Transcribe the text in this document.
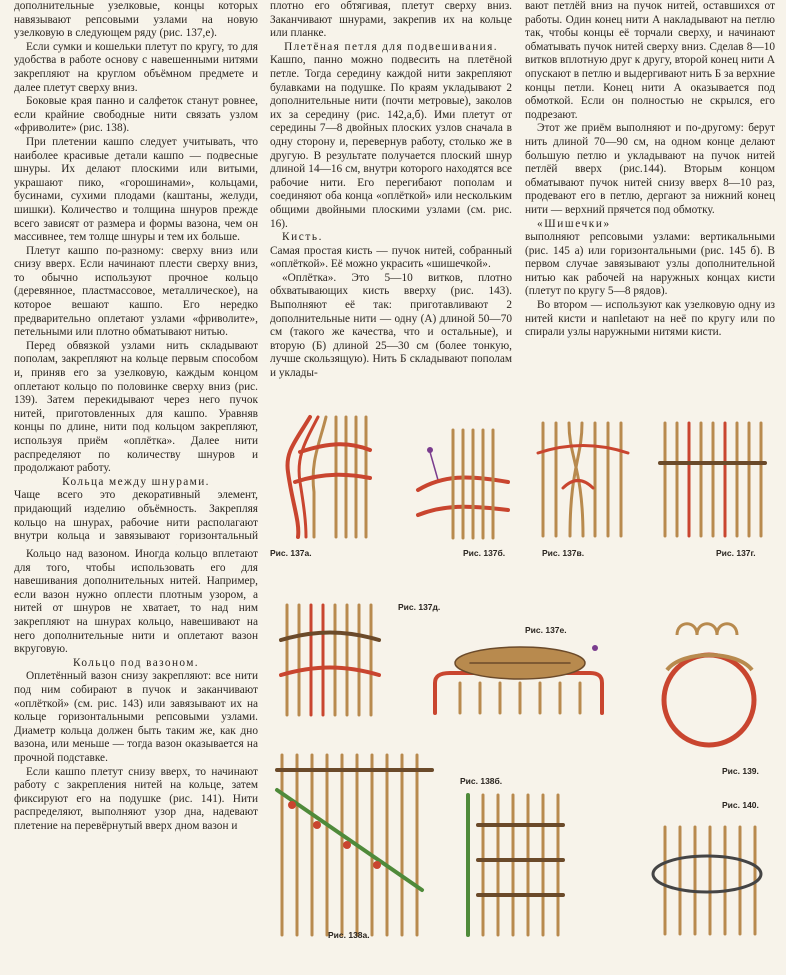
дополнительные узелковые, концы которых навязывают репсовыми узлами на новую узелковую в следующем ряду (рис. 137,е).

Если сумки и кошельки плетут по кругу, то для удобства в работе основу с навешенными нитями закрепляют на круглом объёмном предмете и далее плетут сверху вниз.

Боковые края панно и салфеток станут ровнее, если крайние свободные нити связать узлом «фриволите» (рис. 138).

При плетении кашпо следует учитывать, что наиболее красивые детали кашпо — подвесные шнуры. Их делают плоскими или витыми, украшают пико, «горошинами», кольцами, бусинами, сухими плодами (каштаны, желуди, шишки). Количество и толщина шнуров прежде всего зависят от размера и формы вазона, чем он массивнее, тем толще шнуры и тем их больше.

Плетут кашпо по-разному: сверху вниз или снизу вверх. Если начинают плести сверху вниз, то обычно используют прочное кольцо (деревянное, пластмассовое, металлическое), на которое вешают кашпо. Его нередко предварительно оплетают узлами «фриволите», петельными или плотно обматывают нитью.

Перед обвязкой узлами нить складывают пополам, закрепляют на кольце первым способом и, приняв его за узелковую, каждым концом оплетают кольцо по половинке сверху вниз (рис. 139). Затем перекидывают через него пучок нитей, приготовленных для кашпо. Уравняв концы по длине, нити под кольцом закрепляют, используя приём «оплётка». Далее нити распределяют по количеству шнуров и продолжают работу.

Кольца между шнурами.

Чаще всего это декоративный элемент, придающий изделию объёмность. Закрепляя кольцо на шнурах, рабочие нити располагают внутри кольца и завязывают горизонтальный

Кольцо над вазоном. Иногда кольцо вплетают для того, чтобы использовать его для навешивания дополнительных нитей. Например, если вазон нужно оплести плотным узором, а нитей от шнуров не хватает, то над ним закрепляют на шнурах кольцо, навешивают на него дополнительные нити и оплетают вазон вкруговую.

Кольцо под вазоном.

Оплетённый вазон снизу закрепляют: все нити под ним собирают в пучок и заканчивают «оплёткой» (см. рис. 143) или завязывают их на кольце горизонтальными репсовыми узлами. Диаметр кольца должен быть таким же, как дно вазона, или меньше — тогда вазон оказывается на прочной подставке.

Если кашпо плетут снизу вверх, то начинают работу с закрепления нитей на кольце, затем фиксируют его на подушке (рис. 141). Нити распределяют, выполняют узор дна, надевают плетение на перевёрнутый вверх дном вазон и

плотно его обтягивая, плетут сверху вниз. Заканчивают шнурами, закрепив их на кольце или планке.

Плетёная петля для подвешивания.

Кашпо, панно можно подвесить на плетёной петле. Тогда середину каждой нити закрепляют булавками на подушке. По краям укладывают 2 дополнительные нити (почти метровые), заколов их за середину (рис. 142,а,б). Ими плетут от середины 7—8 двойных плоских узлов сначала в одну сторону и, перевернув работу, столько же в другую. В результате получается плоский шнур длиной 14—16 см, внутри которого находятся все рабочие нити. Его перегибают пополам и соединяют оба конца «оплёткой» или нескольким общими двойными плоскими узлами (см. рис. 16).

Кисть.

Самая простая кисть — пучок нитей, собранный «оплёткой». Её можно украсить «шишечкой».

«Оплётка». Это 5—10 витков, плотно обхватывающих кисть вверху (рис. 143). Выполняют её так: приготавливают 2 дополнительные нити — одну (А) длиной 50—70 см (такого же качества, что и остальные), и вторую (Б) длиной 25—30 см (более тонкую, лучше скользящую). Нить Б складывают пополам и уклады-

вают петлёй вниз на пучок нитей, оставшихся от работы. Один конец нити А накладывают на петлю так, чтобы концы её торчали сверху, и начинают обматывать пучок нитей сверху вниз. Сделав 8—10 витков вплотную друг к другу, второй конец нити А опускают в петлю и выдергивают нить Б за верхние концы петли. Конец нити А оказывается под обмоткой. Если он полностью не скрылся, его подрезают.

Этот же приём выполняют и по-другому: берут нить длиной 70—90 см, на одном конце делают большую петлю и укладывают на пучок нитей петлёй вверх (рис.144). Вторым концом обматывают пучок нитей снизу вверх 8—10 раз, продевают его в петлю, дергают за нижний конец нити — верхний прячется под обмотку.

«Шишечки»

выполняют репсовыми узлами: вертикальными (рис. 145 а) или горизонтальными (рис. 145 б). В первом случае завязывают узлы дополнительной нитью как рабочей на наружных концах кисти (плетут по кругу 5—8 рядов).

Во втором — используют как узелковую одну из нитей кисти и напletают на неё по кругу или по спирали узлы наружными нитями кисти.

Рис. 137а.	Рис. 137б.	Рис. 137в.	Рис. 137г.
Рис. 137д.
Рис. 137е.
Рис. 139.
Рис. 138а.
Рис. 138б.
Рис. 140.
